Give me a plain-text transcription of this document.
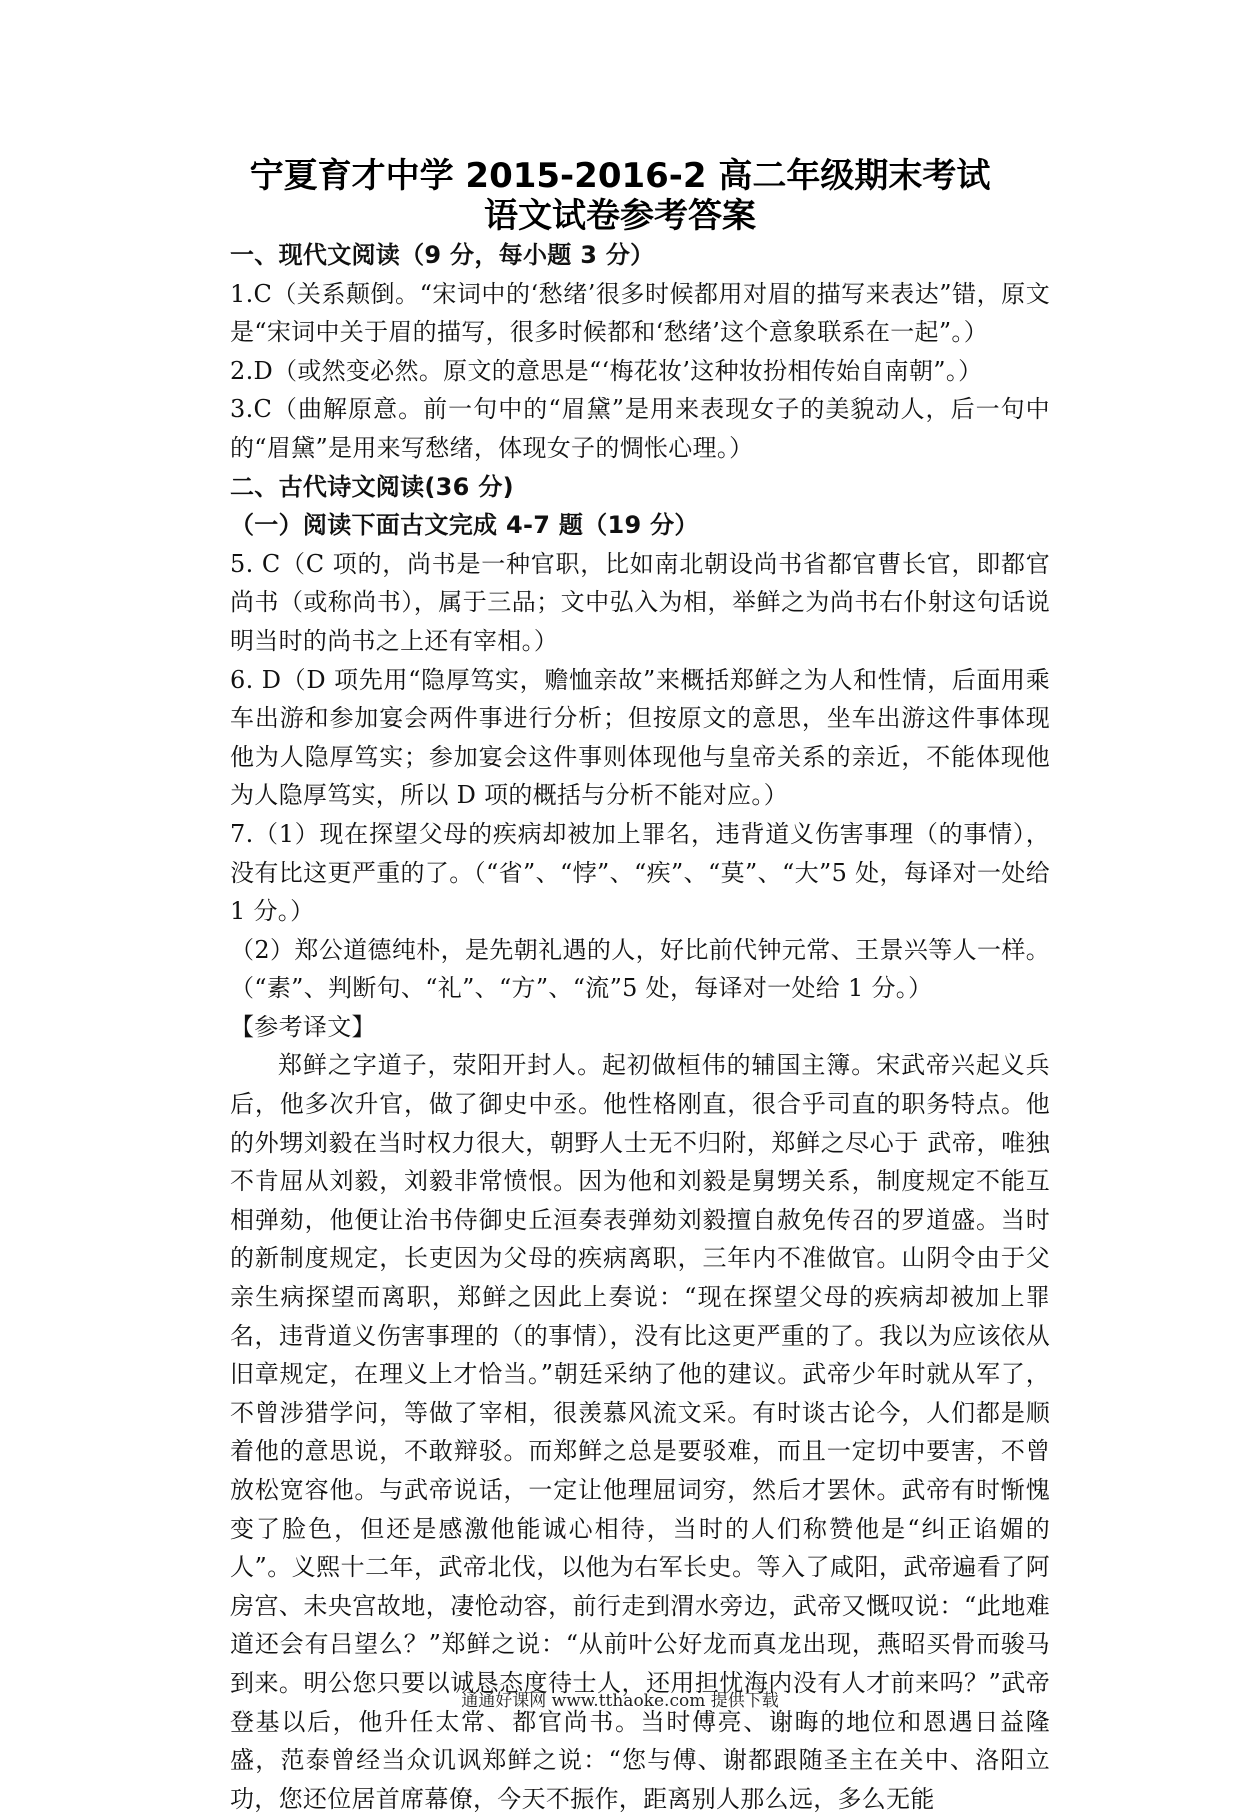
宁夏育才中学 2015-2016-2 高二年级期末考试
语文试卷参考答案

一、现代文阅读（9 分，每小题 3 分）

1.C（关系颠倒。“宋词中的‘愁绪’很多时候都用对眉的描写来表达”错，原文是“宋词中关于眉的描写，很多时候都和‘愁绪’这个意象联系在一起”。）

2.D（或然变必然。原文的意思是“‘梅花妆’这种妆扮相传始自南朝”。）

3.C（曲解原意。前一句中的“眉黛”是用来表现女子的美貌动人，后一句中的“眉黛”是用来写愁绪，体现女子的惆怅心理。）

二、古代诗文阅读(36 分)

（一）阅读下面古文完成 4-7 题（19 分）

5. C（C 项的，尚书是一种官职，比如南北朝设尚书省都官曹长官，即都官尚书（或称尚书），属于三品；文中弘入为相，举鲜之为尚书右仆射这句话说明当时的尚书之上还有宰相。）

6. D（D 项先用“隐厚笃实，赡恤亲故”来概括郑鲜之为人和性情，后面用乘车出游和参加宴会两件事进行分析；但按原文的意思，坐车出游这件事体现他为人隐厚笃实；参加宴会这件事则体现他与皇帝关系的亲近，不能体现他为人隐厚笃实，所以 D 项的概括与分析不能对应。）

7.（1）现在探望父母的疾病却被加上罪名，违背道义伤害事理（的事情），没有比这更严重的了。（“省”、“悖”、“疾”、“莫”、“大”5 处，每译对一处给 1 分。）

（2）郑公道德纯朴，是先朝礼遇的人，好比前代钟元常、王景兴等人一样。（“素”、判断句、“礼”、“方”、“流”5 处，每译对一处给 1 分。）

【参考译文】

郑鲜之字道子，荥阳开封人。起初做桓伟的辅国主簿。宋武帝兴起义兵后，他多次升官，做了御史中丞。他性格刚直，很合乎司直的职务特点。他的外甥刘毅在当时权力很大，朝野人士无不归附，郑鲜之尽心于 武帝，唯独不肯屈从刘毅，刘毅非常愤恨。因为他和刘毅是舅甥关系，制度规定不能互相弹劾，他便让治书侍御史丘洹奏表弹劾刘毅擅自赦免传召的罗道盛。当时的新制度规定，长吏因为父母的疾病离职，三年内不准做官。山阴令由于父亲生病探望而离职，郑鲜之因此上奏说：“现在探望父母的疾病却被加上罪名，违背道义伤害事理的（的事情），没有比这更严重的了。我以为应该依从旧章规定，在理义上才恰当。”朝廷采纳了他的建议。武帝少年时就从军了，不曾涉猎学问，等做了宰相，很羡慕风流文采。有时谈古论今，人们都是顺着他的意思说，不敢辩驳。而郑鲜之总是要驳难，而且一定切中要害，不曾放松宽容他。与武帝说话，一定让他理屈词穷，然后才罢休。武帝有时惭愧变了脸色，但还是感激他能诚心相待，当时的人们称赞他是“纠正谄媚的人”。义熙十二年，武帝北伐，以他为右军长史。等入了咸阳，武帝遍看了阿房宫、未央宫故地，凄怆动容，前行走到渭水旁边，武帝又慨叹说：“此地难道还会有吕望么？”郑鲜之说：“从前叶公好龙而真龙出现，燕昭买骨而骏马到来。明公您只要以诚恳态度待士人，还用担忧海内没有人才前来吗？”武帝登基以后，他升任太常、都官尚书。当时傅亮、谢晦的地位和恩遇日益隆盛，范泰曾经当众讥讽郑鲜之说：“您与傅、谢都跟随圣主在关中、洛阳立功，您还位居首席幕僚，今天不振作，距离别人那么远，多么无能

通通好课网 www.tthaoke.com 提供下载
